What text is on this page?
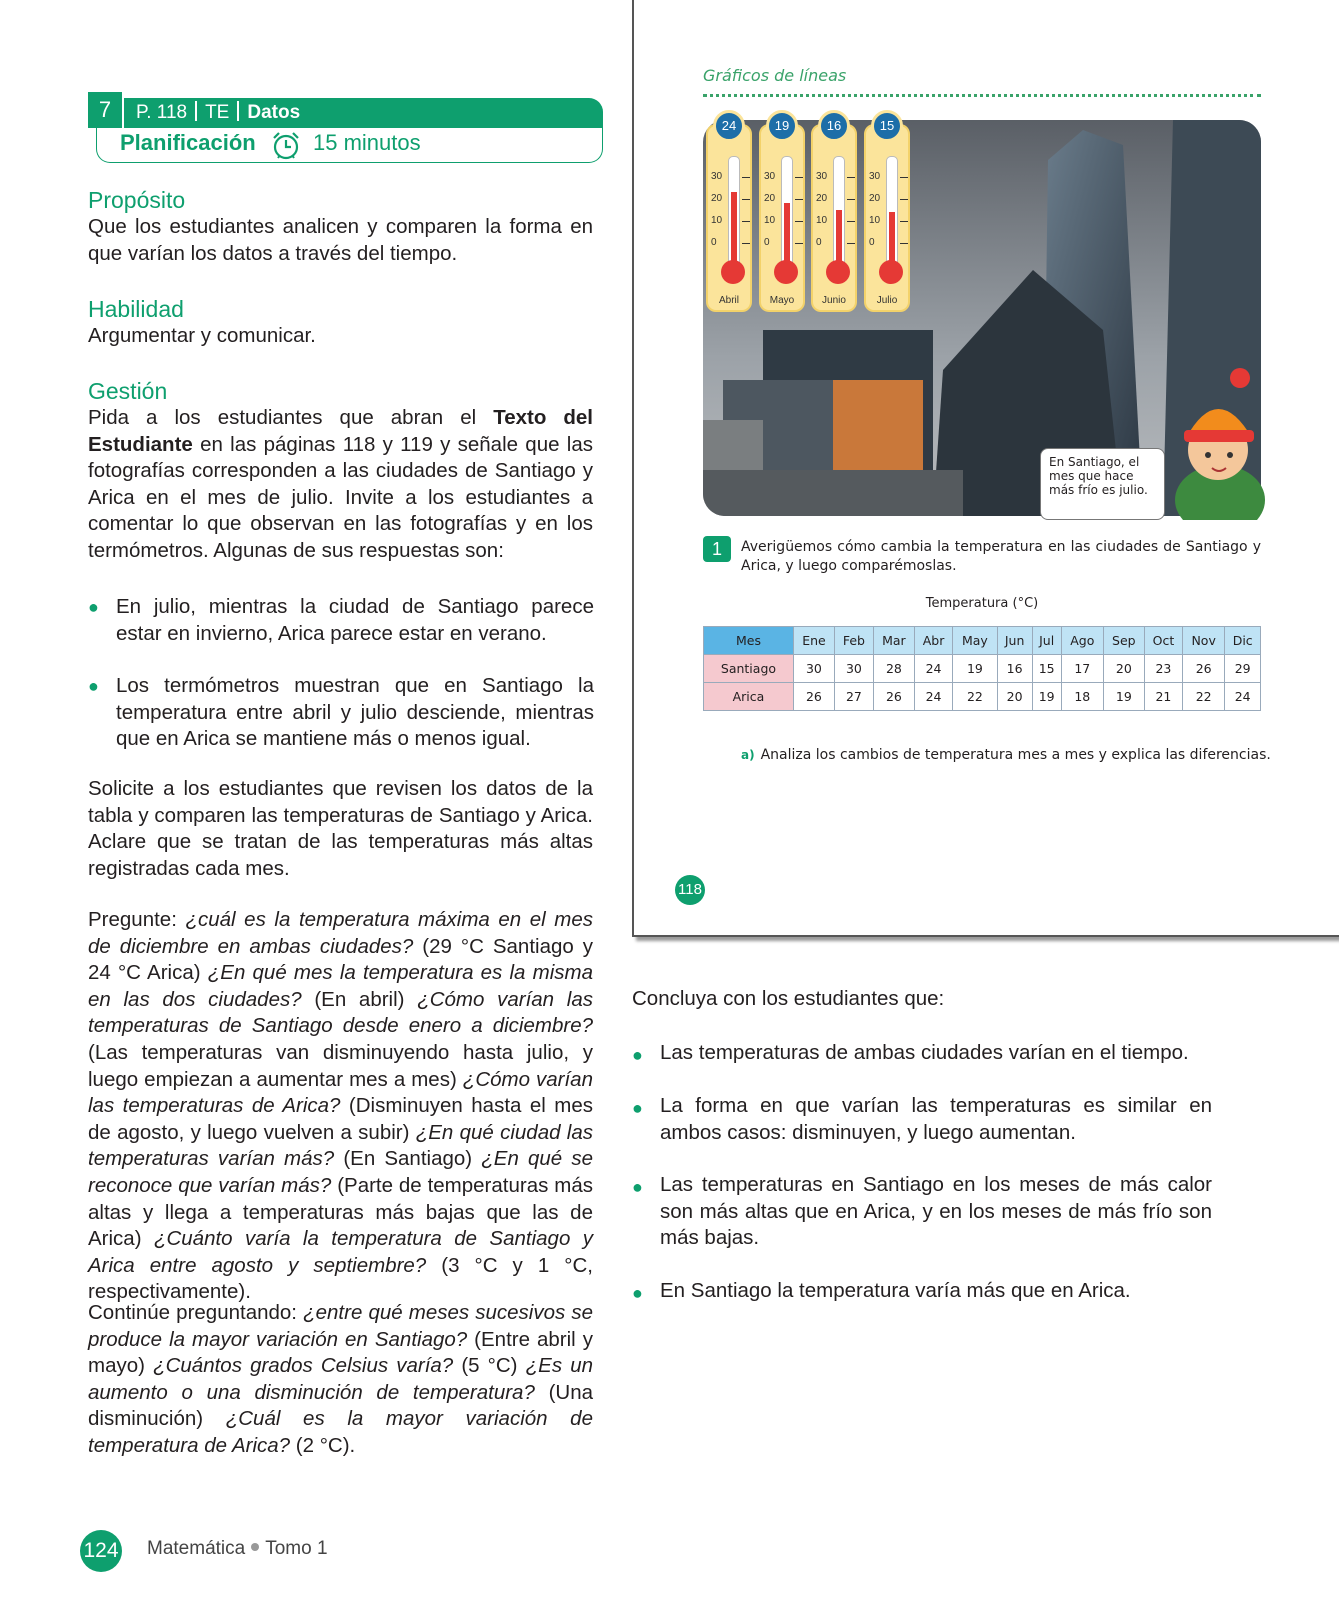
7	P. 118 TE Datos
Planificación	15 minutos
Propósito
Que los estudiantes analicen y comparen la forma en que varían los datos a través del tiempo.
Habilidad
Argumentar y comunicar.
Gestión
Pida a los estudiantes que abran el Texto del Estudiante en las páginas 118 y 119 y señale que las fotografías corresponden a las ciudades de Santiago y Arica en el mes de julio. Invite a los estudiantes a comentar lo que observan en las fotografías y en los termómetros. Algunas de sus respuestas son:
● En julio, mientras la ciudad de Santiago parece estar en invierno, Arica parece estar en verano.
● Los termómetros muestran que en Santiago la temperatura entre abril y julio desciende, mientras que en Arica se mantiene más o menos igual.
Solicite a los estudiantes que revisen los datos de la tabla y comparen las temperaturas de Santiago y Arica. Aclare que se tratan de las temperaturas más altas registradas cada mes.
Pregunte: ¿cuál es la temperatura máxima en el mes de diciembre en ambas ciudades? (29 °C Santiago y 24 °C Arica) ¿En qué mes la temperatura es la misma en las dos ciudades? (En abril) ¿Cómo varían las temperaturas de Santiago desde enero a diciembre? (Las temperaturas van disminuyendo hasta julio, y luego empiezan a aumentar mes a mes) ¿Cómo varían las temperaturas de Arica? (Disminuyen hasta el mes de agosto, y luego vuelven a subir) ¿En qué ciudad las temperaturas varían más? (En Santiago) ¿En qué se reconoce que varían más? (Parte de temperaturas más altas y llega a temperaturas más bajas que las de Arica) ¿Cuánto varía la temperatura de Santiago y Arica entre agosto y septiembre? (3 °C y 1 °C, respectivamente).
Continúe preguntando: ¿entre qué meses sucesivos se produce la mayor variación en Santiago? (Entre abril y mayo) ¿Cuántos grados Celsius varía? (5 °C) ¿Es un aumento o una disminución de temperatura? (Una disminución) ¿Cuál es la mayor variación de temperatura de Arica? (2 °C).
Gráficos de líneas
24
30
20
10
0
Abril
19
30
20
10
0
Mayo
16
30
20
10
0
Junio
15
30
20
10
0
Julio
En Santiago, el mes que hace más frío es julio.
1	Averigüemos cómo cambia la temperatura en las ciudades de Santiago y Arica, y luego comparémoslas.
Temperatura (°C)
Mes	Ene	Feb	Mar	Abr	May	Jun	Jul	Ago	Sep	Oct	Nov	Dic
Santiago	30	30	28	24	19	16	15	17	20	23	26	29
Arica	26	27	26	24	22	20	19	18	19	21	22	24
a) Analiza los cambios de temperatura mes a mes y explica las diferencias.
118
Concluya con los estudiantes que:
● Las temperaturas de ambas ciudades varían en el tiempo.
● La forma en que varían las temperaturas es similar en ambos casos: disminuyen, y luego aumentan.
● Las temperaturas en Santiago en los meses de más calor son más altas que en Arica, y en los meses de más frío son más bajas.
● En Santiago la temperatura varía más que en Arica.
124 Matemática Tomo 1
